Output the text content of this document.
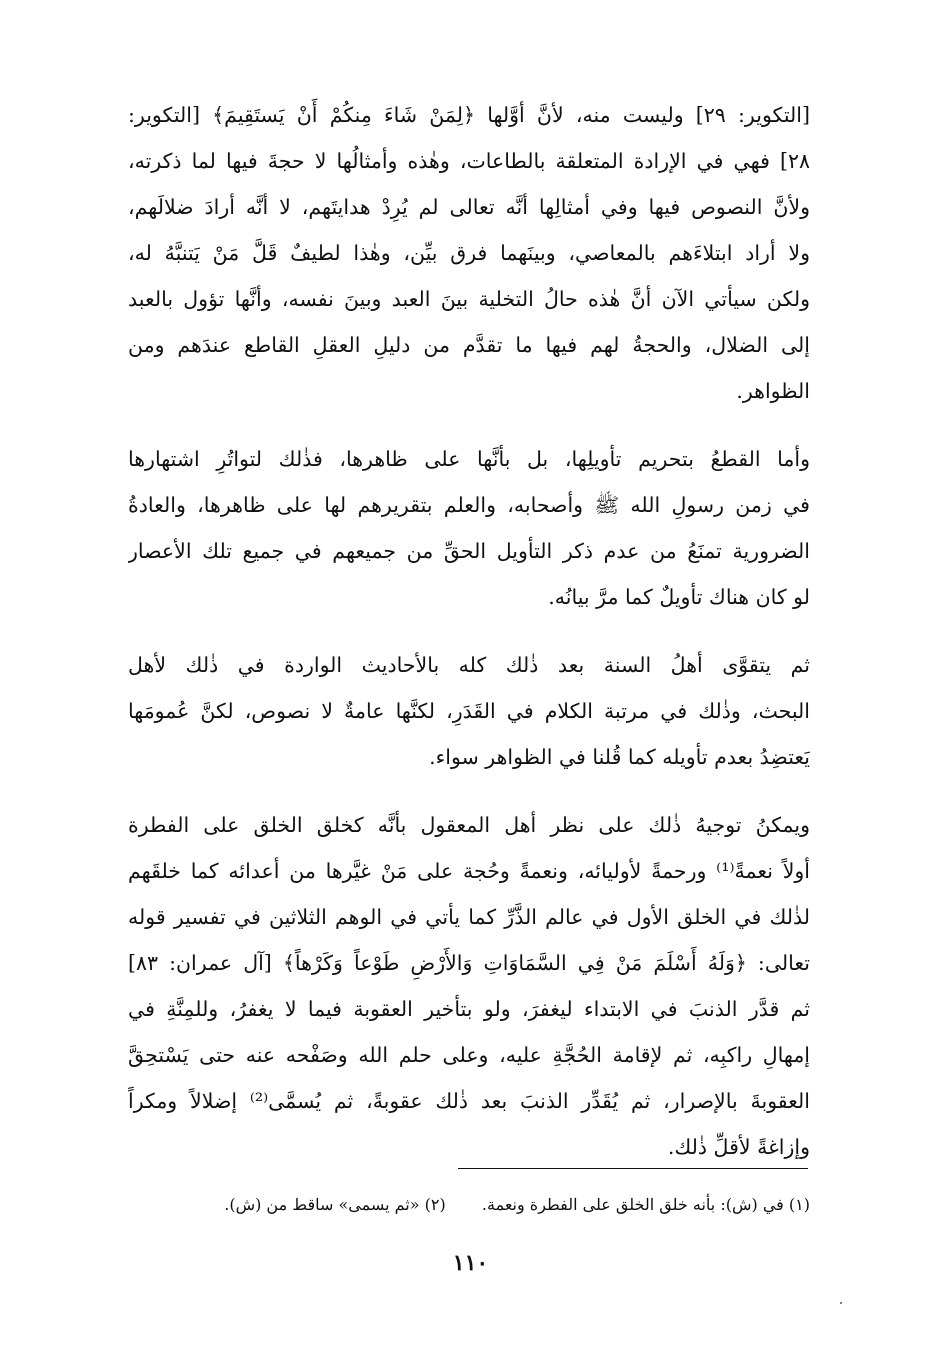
[التكوير: ٢٩] وليست منه، لأنَّ أوَّلها ﴿لِمَنْ شَاءَ مِنكُمْ أَنْ يَستَقِيمَ﴾ [التكوير:
٢٨] فهي في الإرادة المتعلقة بالطاعات، وهٰذه وأمثالُها لا حجةَ فيها لما ذكرته،
ولأنَّ النصوص فيها وفي أمثالِها أنَّه تعالى لم يُرِدْ هدايتَهم، لا أنَّه أرادَ ضلالَهم،
ولا أراد ابتلاءَهم بالمعاصي، وبينَهما فرق بيِّن، وهٰذا لطيفٌ قَلَّ مَنْ يَتنبَّهُ له،
ولكن سيأتي الآن أنَّ هٰذه حالُ التخلية بينَ العبد وبينَ نفسه، وأنَّها تؤول بالعبد
إلى الضلال، والحجةُ لهم فيها ما تقدَّم من دليلِ العقلِ القاطع عندَهم ومن
الظواهر.
وأما القطعُ بتحريم تأويلِها، بل بأنَّها على ظاهرها، فذٰلك لتواتُرِ اشتهارها
في زمن رسولِ الله ﷺ وأصحابه، والعلم بتقريرهم لها على ظاهرها، والعادةُ
الضرورية تمنَعُ من عدم ذكر التأويل الحقِّ من جميعهم في جميع تلك الأعصار
لو كان هناك تأويلٌ كما مرَّ بيانُه.
ثم يتقوَّى أهلُ السنة بعد ذٰلك كله بالأحاديث الواردة في ذٰلك لأهل
البحث، وذٰلك في مرتبة الكلام في القَدَرِ، لكنَّها عامةٌ لا نصوص، لكنَّ عُمومَها
يَعتضِدُ بعدم تأويله كما قُلنا في الظواهر سواء.
ويمكنُ توجيهُ ذٰلك على نظر أهل المعقول بأنَّه كخلق الخلق على الفطرة
أولاً نعمةً⁽¹⁾ ورحمةً لأوليائه، ونعمةً وحُجة على مَنْ غيَّرها من أعدائه كما خلقَهم
لذٰلك في الخلق الأول في عالم الذَّرِّ كما يأتي في الوهم الثلاثين في تفسير قوله
تعالى: ﴿وَلَهُ أَسْلَمَ مَنْ فِي السَّمَاوَاتِ وَالأَرْضِ طَوْعاً وَكَرْهاً﴾ [آل عمران: ٨٣]
ثم قدَّر الذنبَ في الابتداء ليغفرَ، ولو بتأخير العقوبة فيما لا يغفرُ، وللمِنَّةِ في
إمهالِ راكبِه، ثم لإقامة الحُجَّةِ عليه، وعلى حلم الله وصَفْحه عنه حتى يَسْتحِقَّ
العقوبةَ بالإصرار، ثم يُقَدِّر الذنبَ بعد ذٰلك عقوبةً، ثم يُسمَّى⁽²⁾ إضلالاً ومكراً
وإزاغةً لأقلِّ ذٰلك.
(١) في (ش): بأنه خلق الخلق على الفطرة ونعمة.  (٢) «ثم يسمى» ساقط من (ش).
١١٠
